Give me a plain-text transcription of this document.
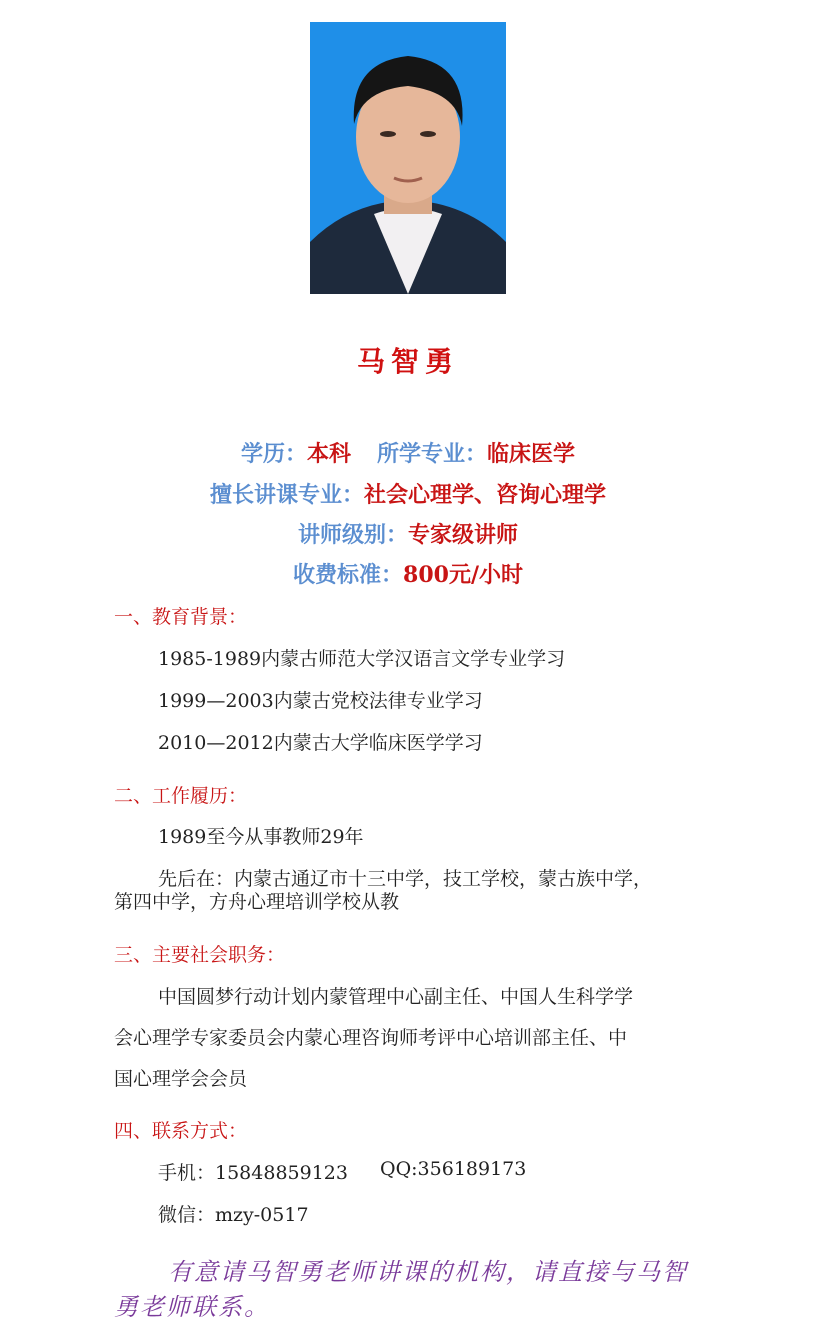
马智勇
学历：本科 所学专业：临床医学
擅长讲课专业：社会心理学、咨询心理学
讲师级别：专家级讲师
收费标准：800元/小时
一、教育背景：
1985-1989内蒙古师范大学汉语言文学专业学习
1999—2003内蒙古党校法律专业学习
2010—2012内蒙古大学临床医学学习
二、工作履历：
1989至今从事教师29年
先后在：内蒙古通辽市十三中学，技工学校，蒙古族中学，
第四中学，方舟心理培训学校从教
三、主要社会职务：
中国圆梦行动计划内蒙管理中心副主任、中国人生科学学
会心理学专家委员会内蒙心理咨询师考评中心培训部主任、中
国心理学会会员
四、联系方式：
手机：15848859123 QQ:356189173
微信：mzy-0517
有意请马智勇老师讲课的机构，请直接与马智
勇老师联系。
